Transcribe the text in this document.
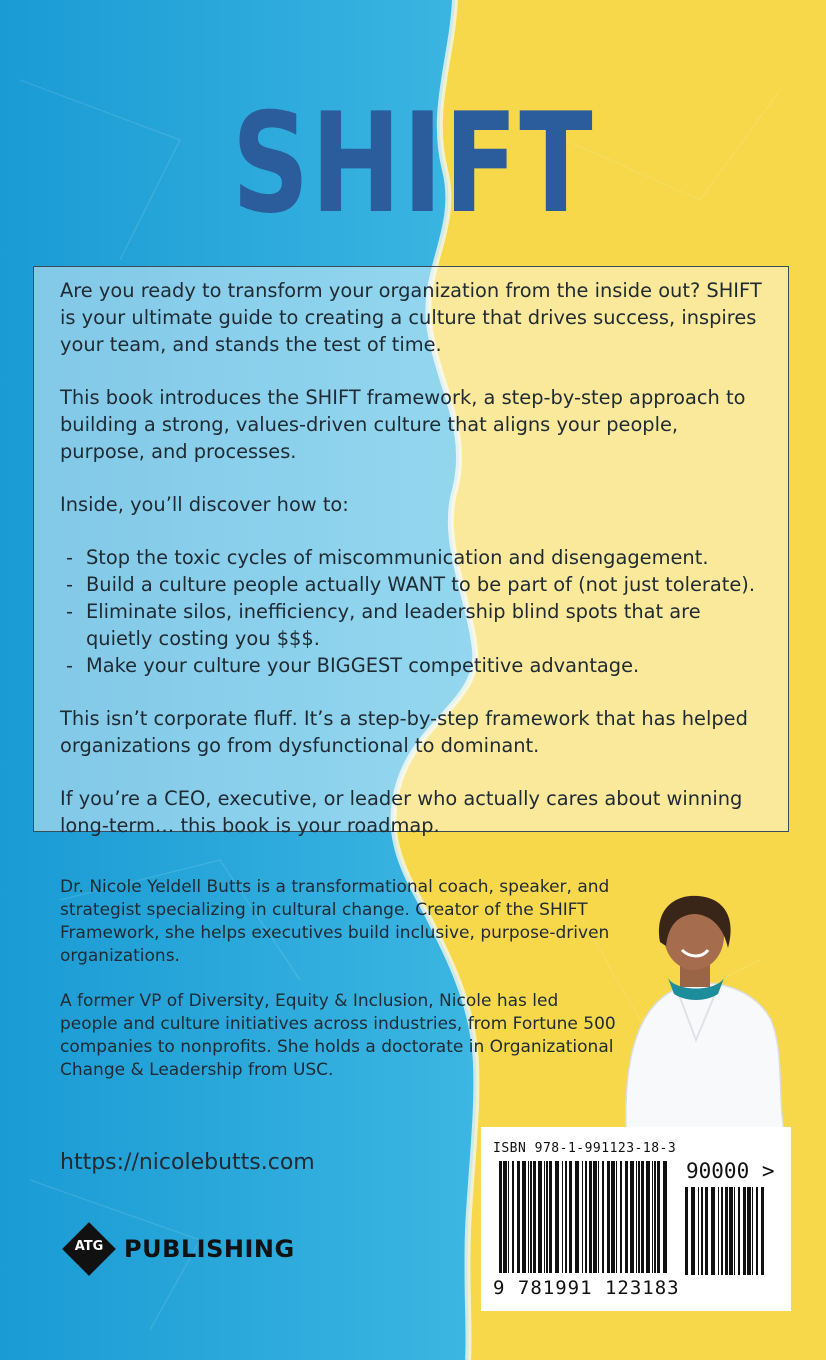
SHIFT

Are you ready to transform your organization from the inside out? SHIFT is your ultimate guide to creating a culture that drives success, inspires your team, and stands the test of time.

This book introduces the SHIFT framework, a step-by-step approach to building a strong, values-driven culture that aligns your people, purpose, and processes.

Inside, you’ll discover how to:

- Stop the toxic cycles of miscommunication and disengagement.
- Build a culture people actually WANT to be part of (not just tolerate).
- Eliminate silos, inefficiency, and leadership blind spots that are quietly costing you $$$.
- Make your culture your BIGGEST competitive advantage.

This isn’t corporate fluff. It’s a step-by-step framework that has helped organizations go from dysfunctional to dominant.

If you’re a CEO, executive, or leader who actually cares about winning long-term… this book is your roadmap.

Dr. Nicole Yeldell Butts is a transformational coach, speaker, and strategist specializing in cultural change. Creator of the SHIFT Framework, she helps executives build inclusive, purpose-driven organizations.

A former VP of Diversity, Equity & Inclusion, Nicole has led people and culture initiatives across industries, from Fortune 500 companies to nonprofits. She holds a doctorate in Organizational Change & Leadership from USC.

https://nicolebutts.com
ATG PUBLISHING
ISBN 978-1-991123-18-3
90000 >
9 781991 123183
